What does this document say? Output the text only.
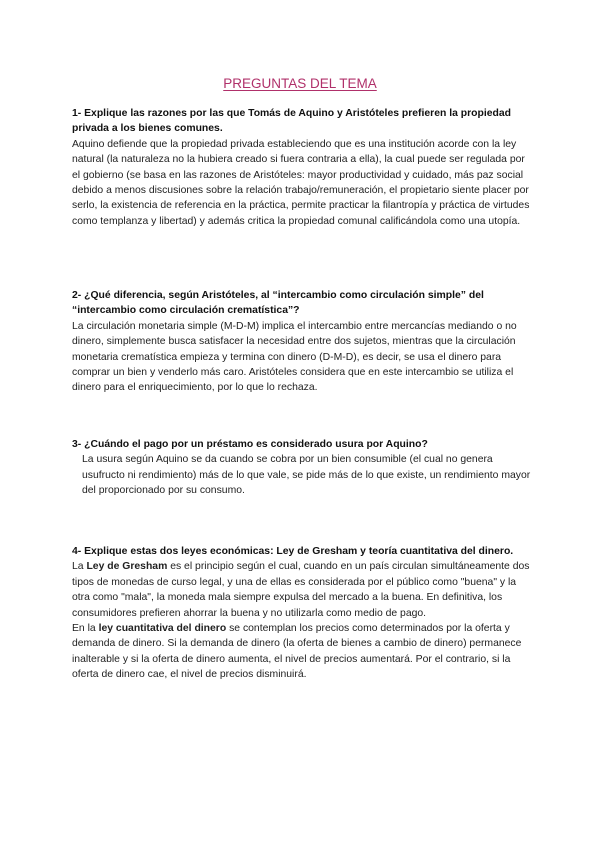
PREGUNTAS DEL TEMA

1- Explique las razones por las que Tomás de Aquino y Aristóteles prefieren la propiedad privada a los bienes comunes.

Aquino defiende que la propiedad privada estableciendo que es una institución acorde con la ley natural (la naturaleza no la hubiera creado si fuera contraria a ella), la cual puede ser regulada por el gobierno (se basa en las razones de Aristóteles: mayor productividad y cuidado, más paz social debido a menos discusiones sobre la relación trabajo/remuneración, el propietario siente placer por serlo, la existencia de referencia en la práctica, permite practicar la filantropía y práctica de virtudes como templanza y libertad) y además critica la propiedad comunal calificándola como una utopía.

2- ¿Qué diferencia, según Aristóteles, al “intercambio como circulación simple” del “intercambio como circulación crematística”?

La circulación monetaria simple (M-D-M) implica el intercambio entre mercancías mediando o no dinero, simplemente busca satisfacer la necesidad entre dos sujetos, mientras que la circulación monetaria crematística empieza y termina con dinero (D-M-D), es decir, se usa el dinero para comprar un bien y venderlo más caro. Aristóteles considera que en este intercambio se utiliza el dinero para el enriquecimiento, por lo que lo rechaza.

3- ¿Cuándo el pago por un préstamo es considerado usura por Aquino?

La usura según Aquino se da cuando se cobra por un bien consumible (el cual no genera usufructo ni rendimiento) más de lo que vale, se pide más de lo que existe, un rendimiento mayor del proporcionado por su consumo.

4- Explique estas dos leyes económicas: Ley de Gresham y teoría cuantitativa del dinero.

La Ley de Gresham es el principio según el cual, cuando en un país circulan simultáneamente dos tipos de monedas de curso legal, y una de ellas es considerada por el público como "buena" y la otra como "mala", la moneda mala siempre expulsa del mercado a la buena. En definitiva, los consumidores prefieren ahorrar la buena y no utilizarla como medio de pago.

En la ley cuantitativa del dinero se contemplan los precios como determinados por la oferta y demanda de dinero. Si la demanda de dinero (la oferta de bienes a cambio de dinero) permanece inalterable y si la oferta de dinero aumenta, el nivel de precios aumentará. Por el contrario, si la oferta de dinero cae, el nivel de precios disminuirá.
